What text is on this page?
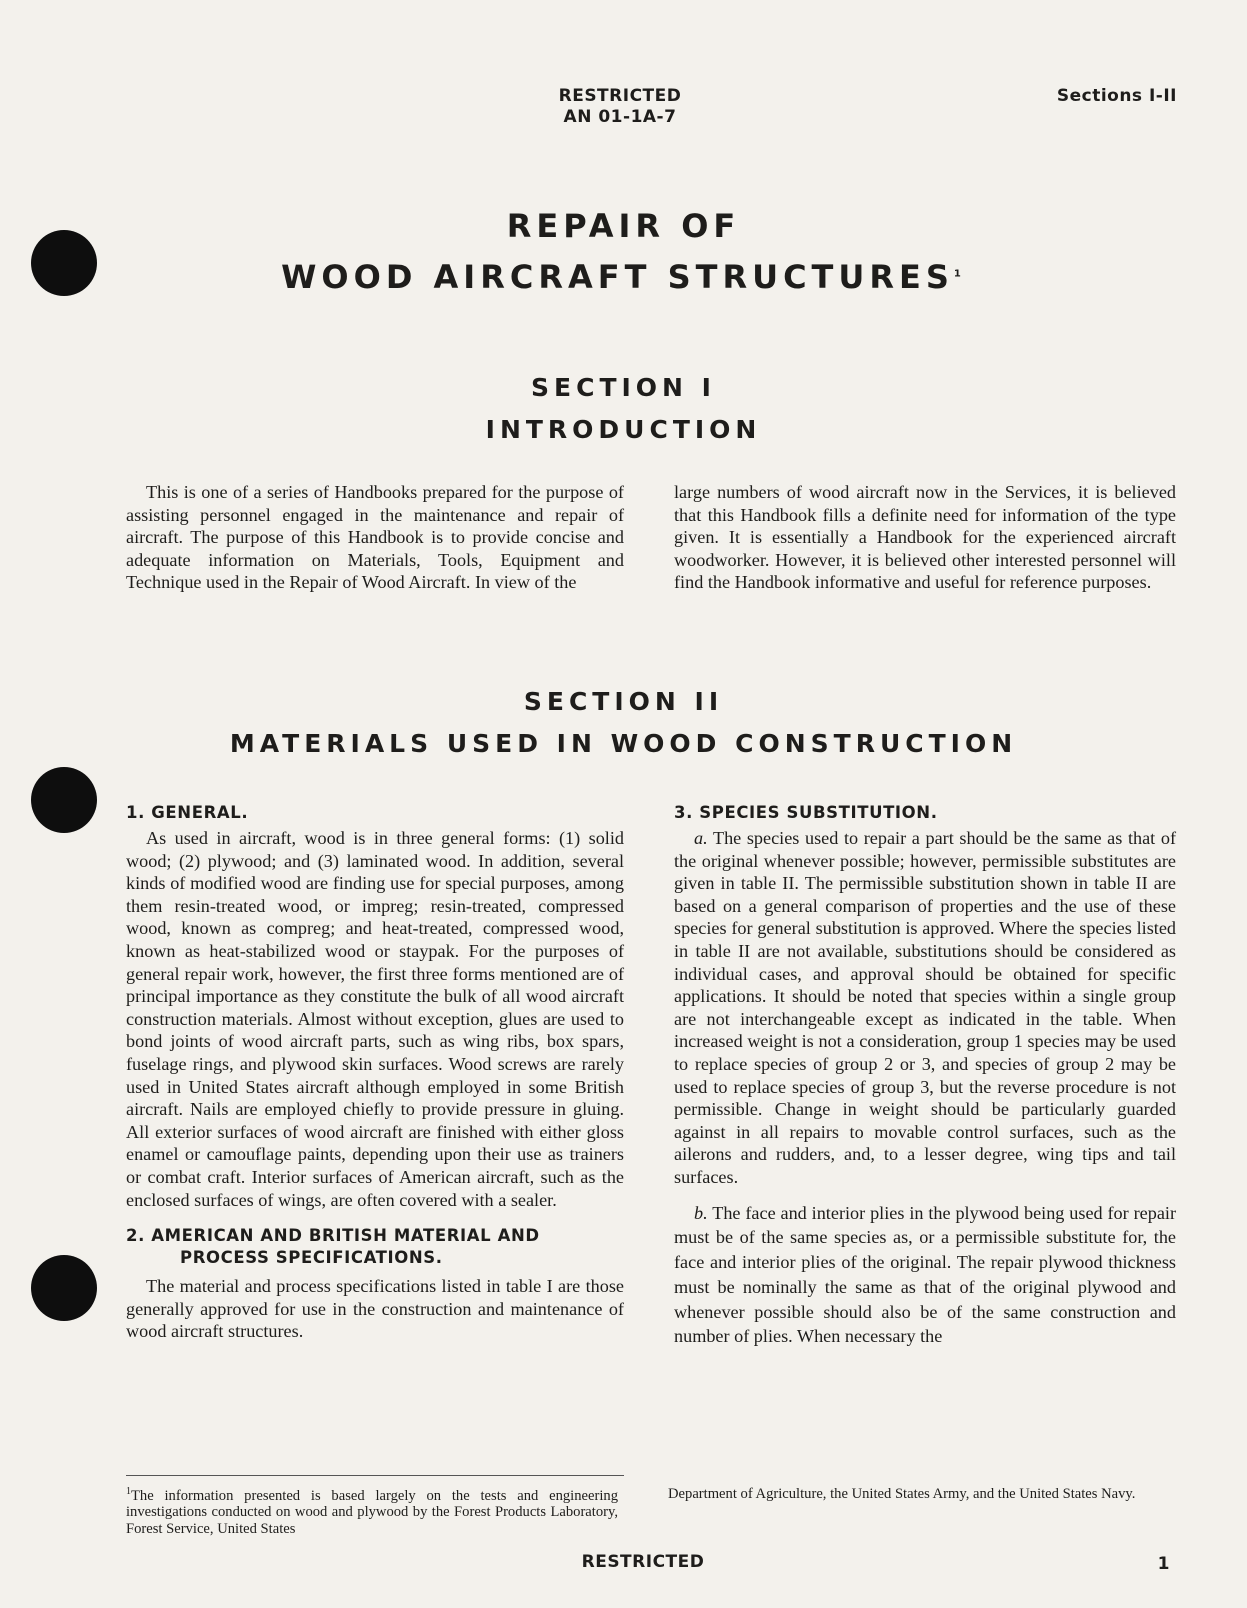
RESTRICTED
AN 01-1A-7
Sections I-II
REPAIR OF
WOOD AIRCRAFT STRUCTURES$^1$
SECTION I
INTRODUCTION
This is one of a series of Handbooks prepared for the purpose of assisting personnel engaged in the maintenance and repair of aircraft. The purpose of this Handbook is to provide concise and adequate information on Materials, Tools, Equipment and Technique used in the Repair of Wood Aircraft. In view of the
large numbers of wood aircraft now in the Services, it is believed that this Handbook fills a definite need for information of the type given. It is essentially a Handbook for the experienced aircraft woodworker. However, it is believed other interested personnel will find the Handbook informative and useful for reference purposes.
SECTION II
MATERIALS USED IN WOOD CONSTRUCTION
1. GENERAL.

As used in aircraft, wood is in three general forms: (1) solid wood; (2) plywood; and (3) laminated wood. In addition, several kinds of modified wood are finding use for special purposes, among them resin-treated wood, or impreg; resin-treated, compressed wood, known as compreg; and heat-treated, compressed wood, known as heat-stabilized wood or staypak. For the purposes of general repair work, however, the first three forms mentioned are of principal importance as they constitute the bulk of all wood aircraft construction materials. Almost without exception, glues are used to bond joints of wood aircraft parts, such as wing ribs, box spars, fuselage rings, and plywood skin surfaces. Wood screws are rarely used in United States aircraft although employed in some British aircraft. Nails are employed chiefly to provide pressure in gluing. All exterior surfaces of wood aircraft are finished with either gloss enamel or camouflage paints, depending upon their use as trainers or combat craft. Interior surfaces of American aircraft, such as the enclosed surfaces of wings, are often covered with a sealer.

2. AMERICAN AND BRITISH MATERIAL AND
PROCESS SPECIFICATIONS.

The material and process specifications listed in table I are those generally approved for use in the construction and maintenance of wood aircraft structures.

3. SPECIES SUBSTITUTION.

a. The species used to repair a part should be the same as that of the original whenever possible; however, permissible substitutes are given in table II. The permissible substitution shown in table II are based on a general comparison of properties and the use of these species for general substitution is approved. Where the species listed in table II are not available, substitutions should be considered as individual cases, and approval should be obtained for specific applications. It should be noted that species within a single group are not interchangeable except as indicated in the table. When increased weight is not a consideration, group 1 species may be used to replace species of group 2 or 3, and species of group 2 may be used to replace species of group 3, but the reverse procedure is not permissible. Change in weight should be particularly guarded against in all repairs to movable control surfaces, such as the ailerons and rudders, and, to a lesser degree, wing tips and tail surfaces.

b. The face and interior plies in the plywood being used for repair must be of the same species as, or a permissible substitute for, the face and interior plies of the original. The repair plywood thickness must be nominally the same as that of the original plywood and whenever possible should also be of the same construction and number of plies. When necessary the

$^1$The information presented is based largely on the tests and engineering investigations conducted on wood and plywood by the Forest Products Laboratory, Forest Service, United States
Department of Agriculture, the United States Army, and the United States Navy.
RESTRICTED	1
